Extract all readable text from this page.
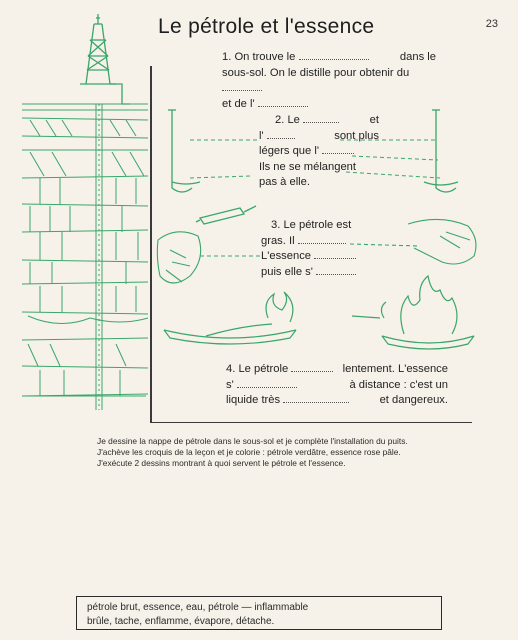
Le pétrole et l'essence	23
1. On trouve le	dans le
sous-sol. On le distille pour obtenir du
et de l'
2. Le	et
l'	sont plus
légers que l'
Ils ne se mélangent
pas à elle.
3. Le pétrole est
gras. Il
L'essence
puis elle s'
4. Le pétrole	lentement. L'essence
s'	à distance : c'est un
liquide très	et dangereux.
Je dessine la nappe de pétrole dans le sous-sol et je complète l'installation du puits.
J'achève les croquis de la leçon et je colorie : pétrole verdâtre, essence rose pâle.
J'exécute 2 dessins montrant à quoi servent le pétrole et l'essence.
pétrole brut, essence, eau, pétrole — inflammable
brûle, tache, enflamme, évapore, détache.
